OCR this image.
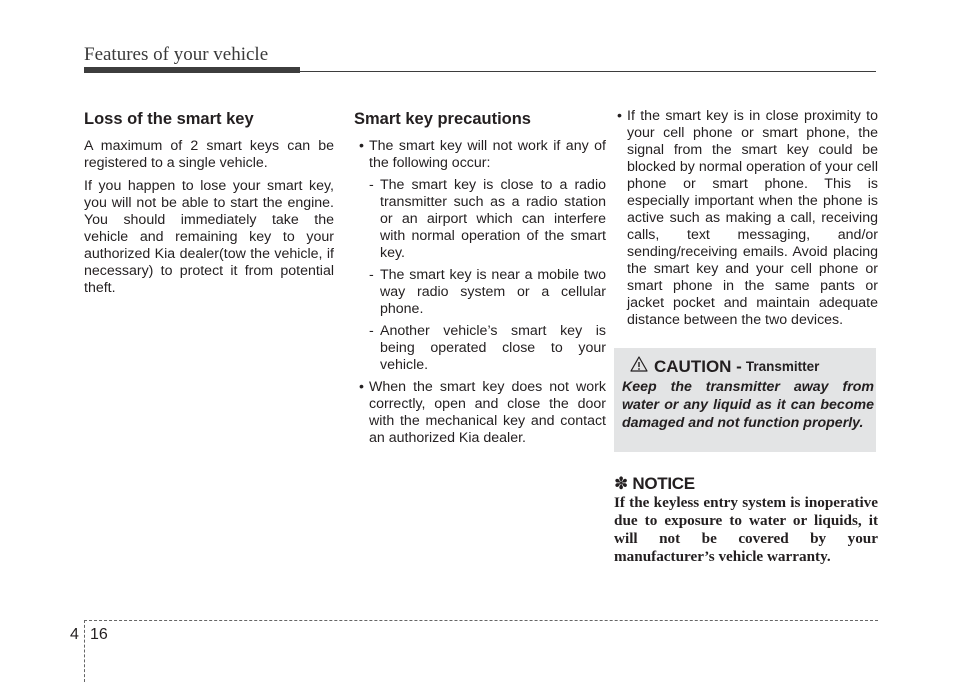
Features of your vehicle
Loss of the smart key

A maximum of 2 smart keys can be registered to a single vehicle.

If you happen to lose your smart key, you will not be able to start the engine. You should immediately take the vehicle and remaining key to your authorized Kia dealer(tow the vehicle, if necessary) to protect it from potential theft.

Smart key precautions
• The smart key will not work if any of the following occur:
- The smart key is close to a radio transmitter such as a radio station or an airport which can interfere with normal operation of the smart key.
- The smart key is near a mobile two way radio system or a cellular phone.
- Another vehicle’s smart key is being operated close to your vehicle.
• When the smart key does not work correctly, open and close the door with the mechanical key and contact an authorized Kia dealer.
• If the smart key is in close proximity to your cell phone or smart phone, the signal from the smart key could be blocked by normal operation of your cell phone or smart phone. This is especially important when the phone is active such as making a call, receiving calls, text messaging, and/or sending/receiving emails. Avoid placing the smart key and your cell phone or smart phone in the same pants or jacket pocket and maintain adequate distance between the two devices.
CAUTION - Transmitter
Keep the transmitter away from water or any liquid as it can become damaged and not function properly.
✽ NOTICE
If the keyless entry system is inoperative due to exposure to water or liquids, it will not be covered by your manufacturer’s vehicle warranty.
4 16
